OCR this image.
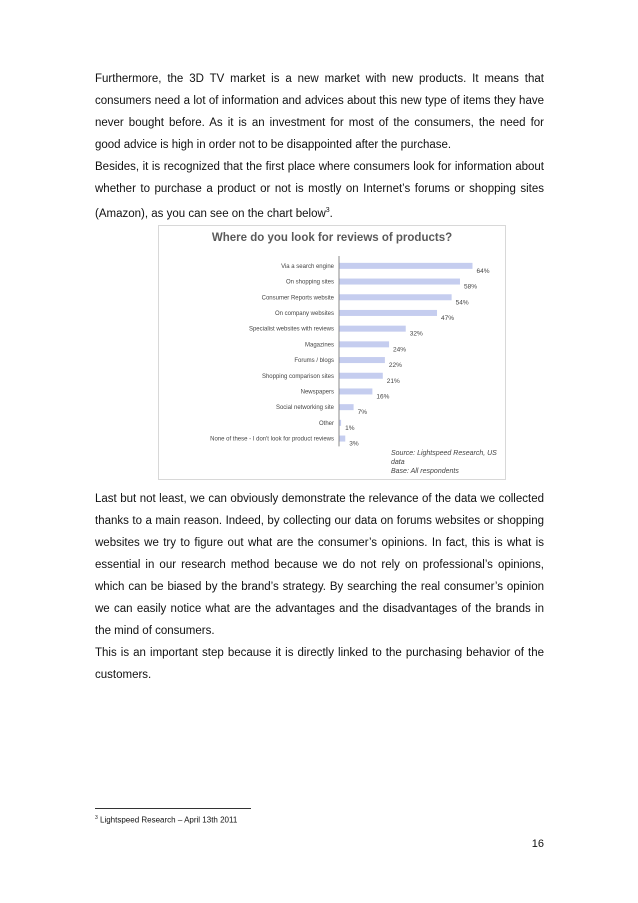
Furthermore, the 3D TV market is a new market with new products. It means that consumers need a lot of information and advices about this new type of items they have never bought before. As it is an investment for most of the consumers, the need for good advice is high in order not to be disappointed after the purchase.

Besides, it is recognized that the first place where consumers look for information about whether to purchase a product or not is mostly on Internet’s forums or shopping sites (Amazon), as you can see on the chart below$^3$.

Where do you look for reviews of products?

Via a search engine
64%
On shopping sites
58%
Consumer Reports website
54%
On company websites
47%
Specialist websites with reviews
32%
Magazines
24%
Forums / blogs
22%
Shopping comparison sites
21%
Newspapers
16%
Social networking site
7%
Other
1%
None of these - I don't look for product reviews
3%
Source: Lightspeed Research, US data
Base: All respondents

Last but not least, we can obviously demonstrate the relevance of the data we collected thanks to a main reason. Indeed, by collecting our data on forums websites or shopping websites we try to figure out what are the consumer’s opinions. In fact, this is what is essential in our research method because we do not rely on professional’s opinions, which can be biased by the brand’s strategy. By searching the real consumer’s opinion we can easily notice what are the advantages and the disadvantages of the brands in the mind of consumers.

This is an important step because it is directly linked to the purchasing behavior of the customers.

$^3$ Lightspeed Research – April 13th 2011
16
